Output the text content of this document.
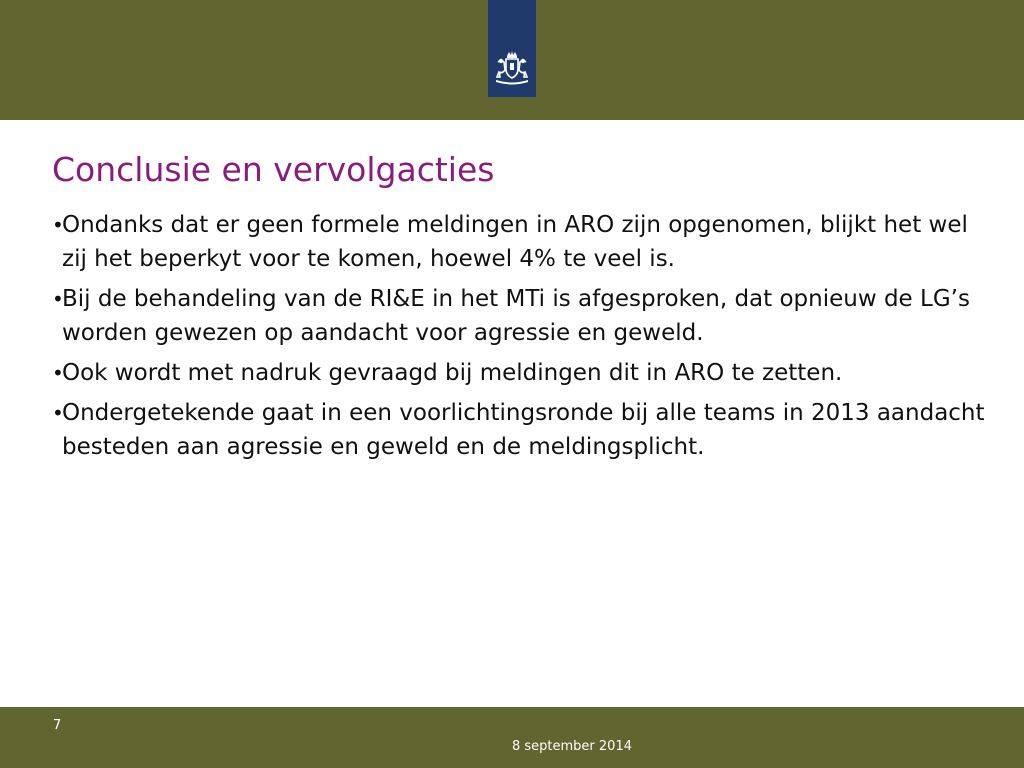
Conclusie en vervolgacties
•Ondanks dat er geen formele meldingen in ARO zijn opgenomen, blijkt het wel zij het beperkyt voor te komen, hoewel 4% te veel is.
•Bij de behandeling van de RI&E in het MTi is afgesproken, dat opnieuw de LG’s worden gewezen op aandacht voor agressie en geweld.
•Ook wordt met nadruk gevraagd bij meldingen dit in ARO te zetten.
•Ondergetekende gaat in een voorlichtingsronde bij alle teams in 2013 aandacht besteden aan agressie en geweld en de meldingsplicht.
7
8 september 2014
